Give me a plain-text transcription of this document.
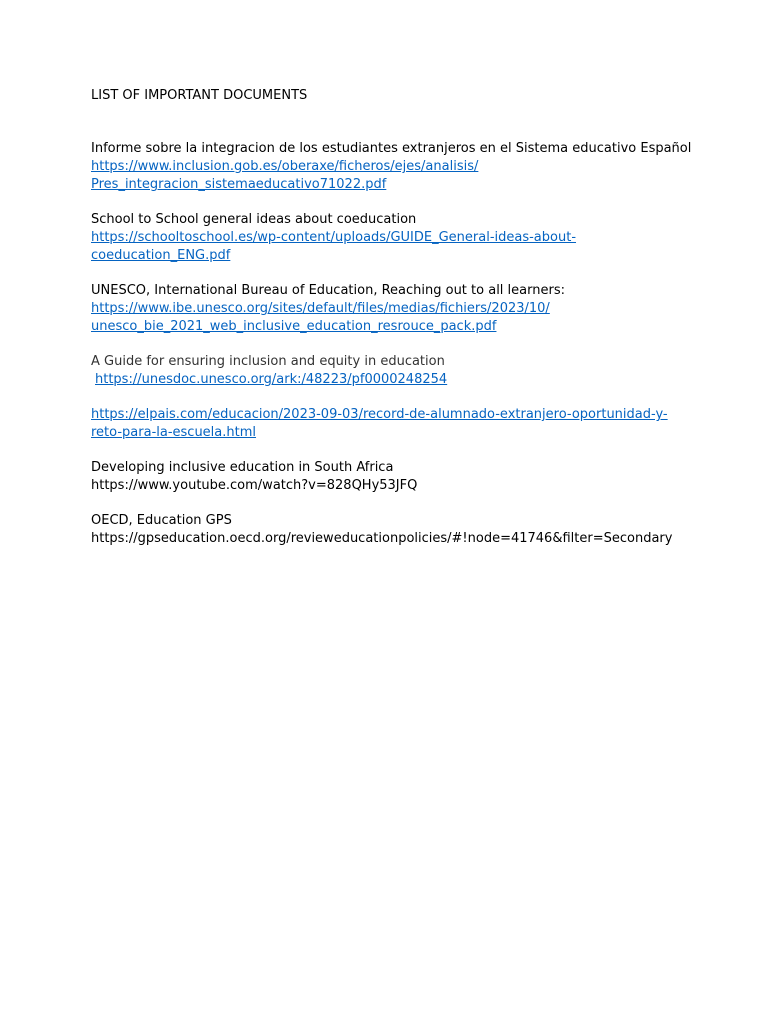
LIST OF IMPORTANT DOCUMENTS
Informe sobre la integracion de los estudiantes extranjeros en el Sistema educativo Español
https://www.inclusion.gob.es/oberaxe/ficheros/ejes/analisis/
Pres_integracion_sistemaeducativo71022.pdf
School to School general ideas about coeducation
https://schooltoschool.es/wp-content/uploads/GUIDE_General-ideas-about-
coeducation_ENG.pdf
UNESCO, International Bureau of Education, Reaching out to all learners:
https://www.ibe.unesco.org/sites/default/files/medias/fichiers/2023/10/
unesco_bie_2021_web_inclusive_education_resrouce_pack.pdf
A Guide for ensuring inclusion and equity in education
https://unesdoc.unesco.org/ark:/48223/pf0000248254
https://elpais.com/educacion/2023-09-03/record-de-alumnado-extranjero-oportunidad-y-
reto-para-la-escuela.html
Developing inclusive education in South Africa
https://www.youtube.com/watch?v=828QHy53JFQ
OECD, Education GPS
https://gpseducation.oecd.org/revieweducationpolicies/#!node=41746&filter=Secondary
